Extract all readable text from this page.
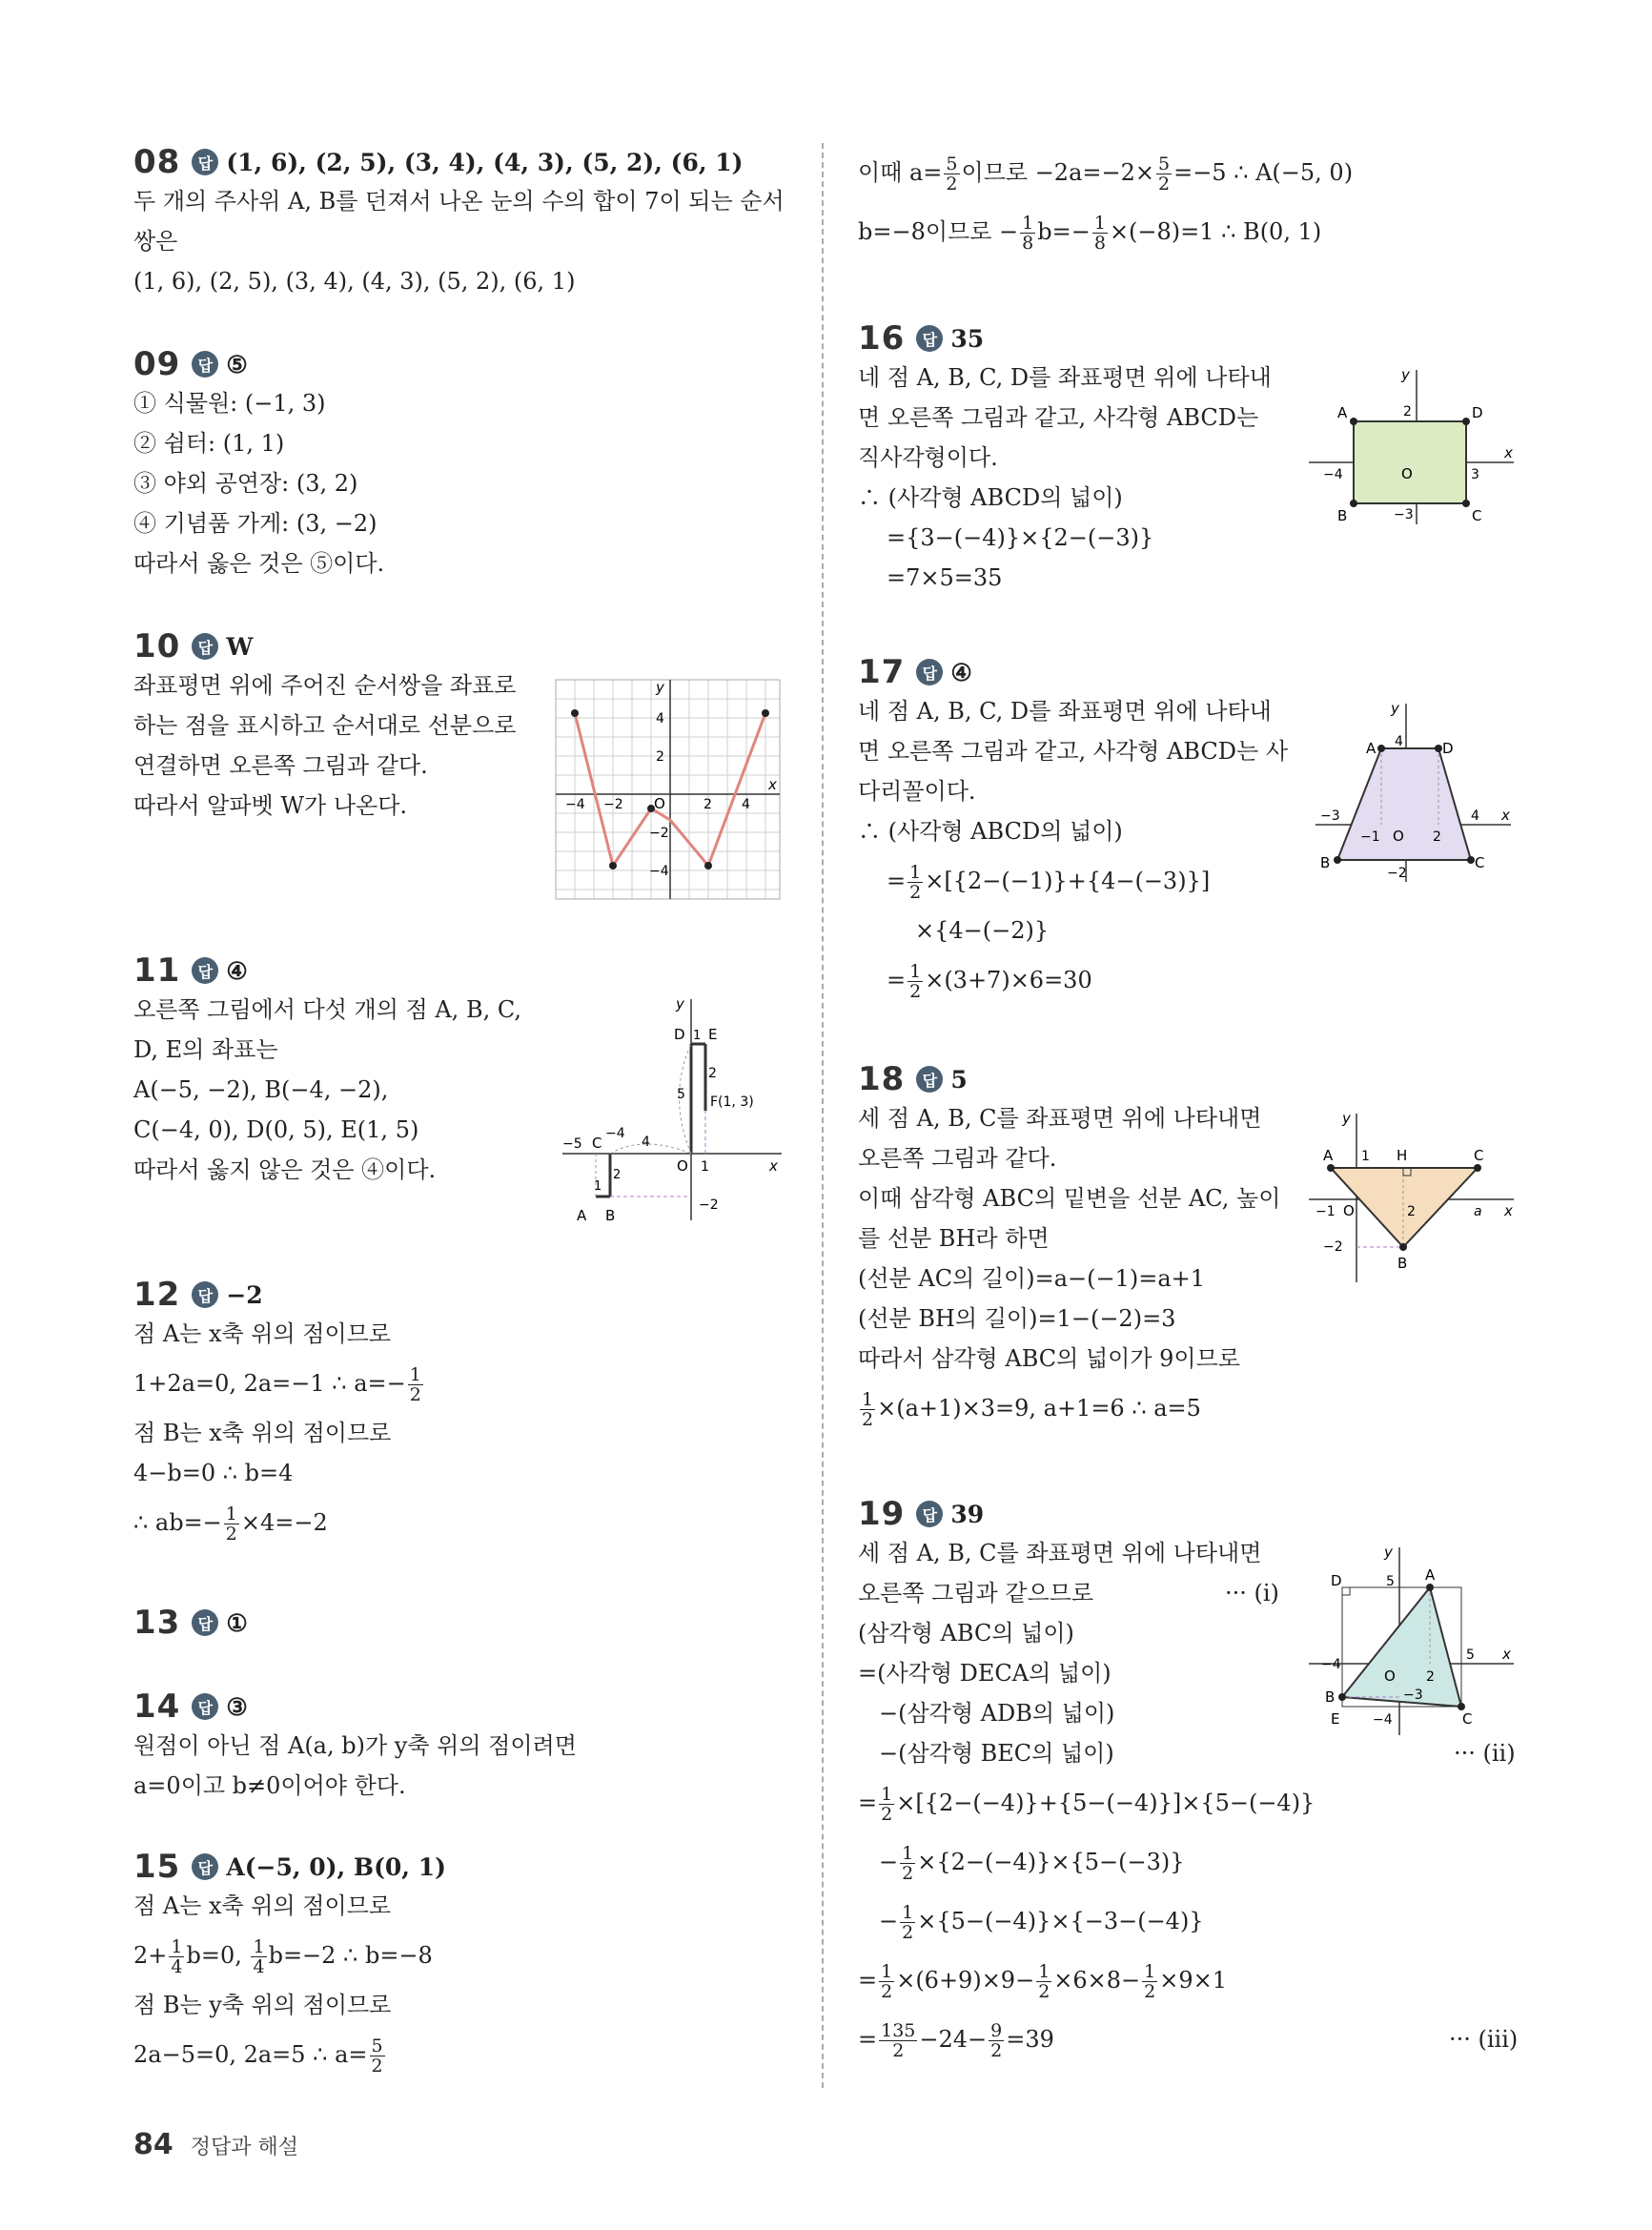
08	답 (1, 6), (2, 5), (3, 4), (4, 3), (5, 2), (6, 1)
두 개의 주사위 A, B를 던져서 나온 눈의 수의 합이 7이 되는 순서
쌍은
(1, 6), (2, 5), (3, 4), (4, 3), (5, 2), (6, 1)
09	답 ⑤
① 식물원: (−1, 3)
② 쉼터: (1, 1)
③ 야외 공연장: (3, 2)
④ 기념품 가게: (3, −2)
따라서 옳은 것은 ⑤이다.
10	답 W
좌표평면 위에 주어진 순서쌍을 좌표로
하는 점을 표시하고 순서대로 선분으로
연결하면 오른쪽 그림과 같다.
따라서 알파벳 W가 나온다.
x
y
O
−4 −2	2 4
4
2
−2
−4
11	답 ④
오른쪽 그림에서 다섯 개의 점 A, B, C,
D, E의 좌표는
A(−5, −2), B(−4, −2),
C(−4, 0), D(0, 5), E(1, 5)
따라서 옳지 않은 것은 ④이다.	x
y
O
A B
C
D E
F(1, 3)
−5
−4
4
−2
1
2
5
1
2
1
12	답 −2
점 A는 x축 위의 점이므로
1+2a=0, 2a=−1 ∴ $a=- \frac{1}{2}$
점 B는 x축 위의 점이므로
4−b=0 ∴ b=4
∴ $ab=- \frac{1}{2} \times 4=-2$
13	답 ①
14	답 ③
원점이 아닌 점 A(a, b)가 y축 위의 점이려면
a=0이고 b≠0이어야 한다.
15	답 A(−5, 0), B(0, 1)
점 A는 x축 위의 점이므로
$2+ \frac{1}{4} b=0$, $\frac{1}{4} b=-2$ ∴ b=−8
점 B는 y축 위의 점이므로
2a−5=0, 2a=5 ∴ $a= \frac{5}{2}$
이때 $a= \frac{5}{2}$ 이므로 $-2a=-2\times \frac{5}{2} =-5$ ∴ A(−5, 0)
b=−8이므로 − $\frac{1}{8} b=- \frac{1}{8} \times(-8)=1$ ∴ B(0, 1)
16	답 35
네 점 A, B, C, D를 좌표평면 위에 나타내
면 오른쪽 그림과 같고, 사각형 ABCD는
직사각형이다.
∴ (사각형 ABCD의 넓이)
={3−(−4)}×{2−(−3)}
=7×5=35
x
y
O
A	D
B	C
2
−3
−4	3
17	답 ④
네 점 A, B, C, D를 좌표평면 위에 나타내
면 오른쪽 그림과 같고, 사각형 ABCD는 사
다리꼴이다.
∴ (사각형 ABCD의 넓이)
= $\frac{1}{2} \times[\{2-(-1)\}+\{4-(-3)\}]$
×{4−(−2)}
= $\frac{1}{2} \times(3+7)\times 6=30$
x
y
O
A	D
B	C
4
−3
−1	2
4
−2
18	답 5
세 점 A, B, C를 좌표평면 위에 나타내면
오른쪽 그림과 같다.
이때 삼각형 ABC의 밑변을 선분 AC, 높이
를 선분 BH라 하면
(선분 AC의 길이)=a−(−1)=a+1
(선분 BH의 길이)=1−(−2)=3
따라서 삼각형 ABC의 넓이가 9이므로
$\frac{1}{2} \times(a+1)\times 3=9$, a+1=6 ∴ a=5
x
y
O
A	C
B
H
1
−1	2	a
−2
19	답 39
세 점 A, B, C를 좌표평면 위에 나타내면
오른쪽 그림과 같으므로	··· (i)
(삼각형 ABC의 넓이)
=(사각형 DECA의 넓이)
−(삼각형 ADB의 넓이)
−(삼각형 BEC의 넓이)	··· (ii)
= $\frac{1}{2} \times[\{2-(-4)\}+\{5-(-4)\}]\times\{5-(-4)\}$
− $\frac{1}{2} \times\{2-(-4)\}\times\{5-(-3)\}$
− $\frac{1}{2} \times\{5-(-4)\}\times\{-3-(-4)\}$
= $\frac{1}{2} \times(6+9)\times 9- \frac{1}{2} \times 6\times 8- \frac{1}{2} \times 9\times 1$
= $\frac{135}{2} -24- \frac{9}{2} =39$	··· (iii)
x
y
O
A
B
C
D
E
5
2
−4
5
−3
−4
84 정답과 해설
